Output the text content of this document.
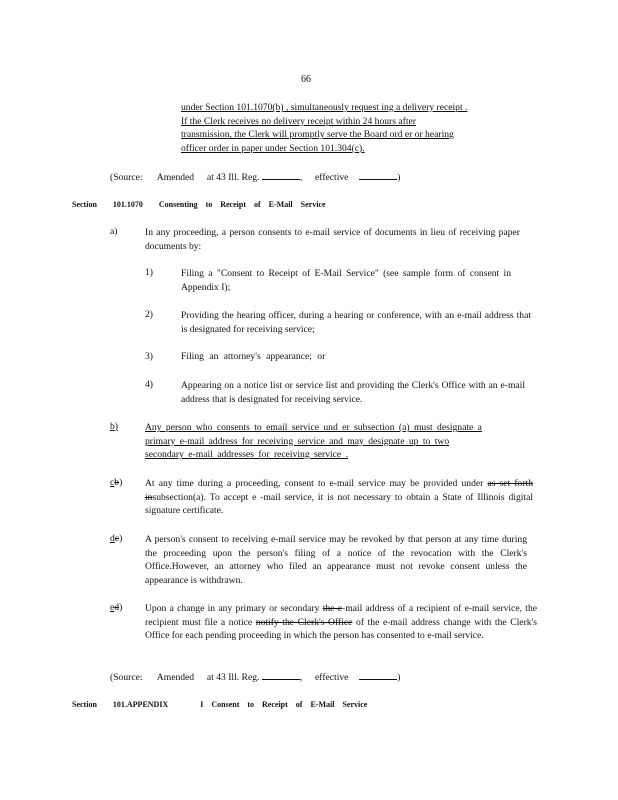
66
under Section 101.1070(b) , simultaneously request ing a delivery receipt .
If the Clerk receives no delivery receipt within 24 hours after
transmission, the Clerk will promptly serve the Board ord er or hearing
officer order in paper under Section 101.304(c).
(Source: Amended at 43 Ill. Reg.	, effective	)
Section 101.1070 Consenting to Receipt of E-Mail Service
a)	In any proceeding, a person consents to e-mail service of documents in lieu of receiving paper documents by:
1)	Filing a "Consent to Receipt of E-Mail Service" (see sample form of consent in Appendix I);
2)	Providing the hearing officer, during a hearing or conference, with an e-mail address that is designated for receiving service;
3)	Filing an attorney's appearance; or
4)	Appearing on a notice list or service list and providing the Clerk's Office with an e-mail address that is designated for receiving service.
b)	Any person who consents to email service und er subsection (a) must designate a
primary e-mail address for receiving service and may designate up to two
secondary e-mail addresses for receiving service .
cb) At any time during a proceeding, consent to e-mail service may be provided under as set forth insubsection(a). To accept e -mail service, it is not necessary to obtain a State of Illinois digital signature certificate.
dc) A person's consent to receiving e-mail service may be revoked by that person at any time during the proceeding upon the person's filing of a notice of the revocation with the Clerk's Office.However, an attorney who filed an appearance must not revoke consent unless the appearance is withdrawn.
ed) Upon a change in any primary or secondary the e-mail address of a recipient of e-mail service, the recipient must file a notice notify the Clerk's Office of the e-mail address change with the Clerk's Office for each pending proceeding in which the person has consented to e-mail service.
(Source: Amended at 43 Ill. Reg.	, effective	)
Section 101.APPENDIX	I Consent to Receipt of E-Mail Service
